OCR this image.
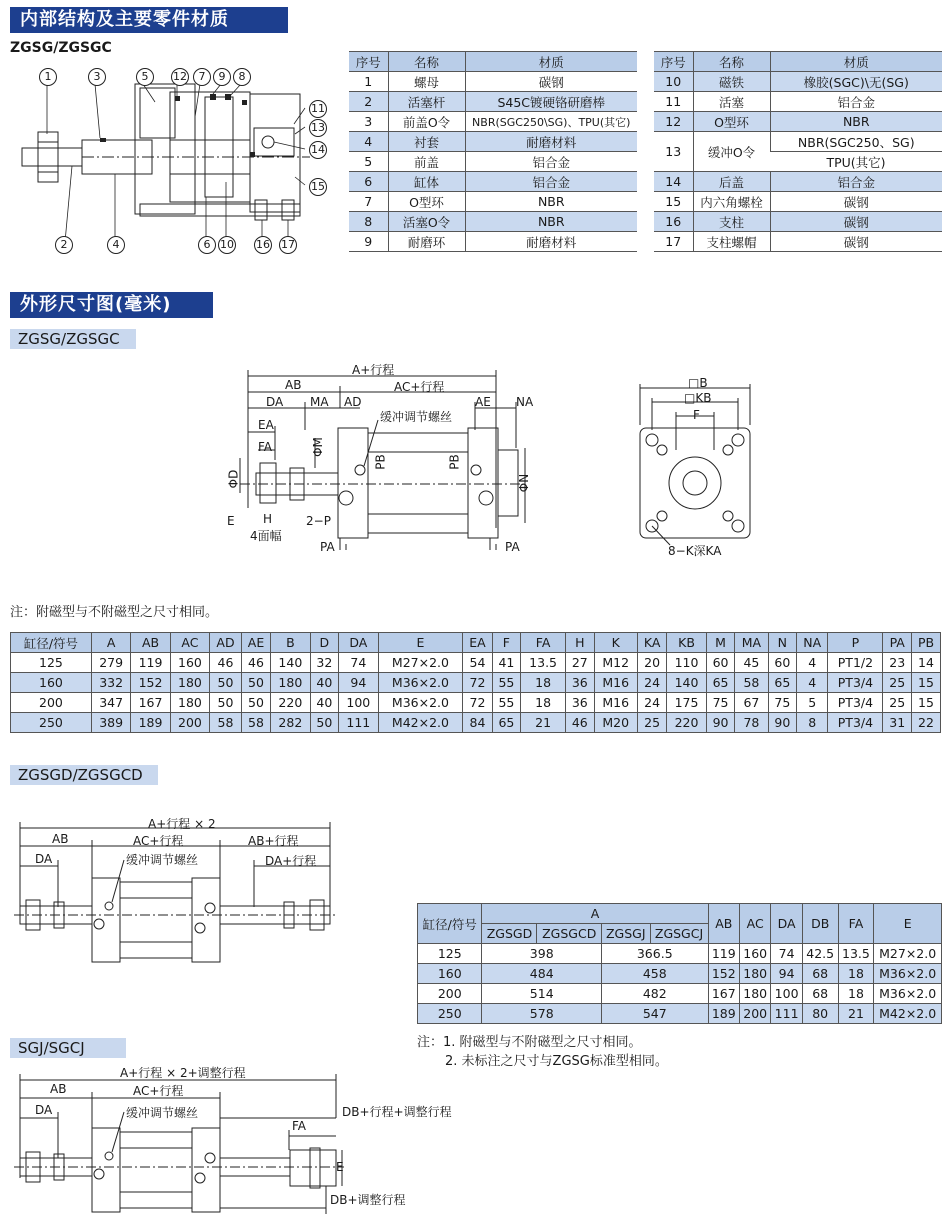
内部结构及主要零件材质
ZGSG/ZGSGC
1
2
3
4
5
6
7	8
9
10
11
12
13
14
15
16 17
序号	名称	材质
1	螺母	碳钢
2	活塞杆	S45C镀硬铬研磨棒
3	前盖O令	NBR(SGC250\SG)、TPU(其它)
4	衬套	耐磨材料
5	前盖	铝合金
6	缸体	铝合金
7	O型环	NBR
8	活塞O令	NBR
9	耐磨环	耐磨材料
序号	名称	材质
10	磁铁	橡胶(SGC)\无(SG)
11	活塞	铝合金
12	O型环	NBR
13	缓冲O令	NBR(SGC250、SG)
		TPU(其它)
14	后盖	铝合金
15	内六角螺栓	碳钢
16	支柱	碳钢
17	支柱螺帽	碳钢
外形尺寸图(毫米)
ZGSG/ZGSGC
A+行程
AB	AC+行程
DA MA AD	AE NA
EA
FA	ΦM
ΦD	ΦN
PB	PB
缓冲调节螺丝
E H
4面幅
2−P
PA	PA
□B
□KB
F
8−K深KA
注：附磁型与不附磁型之尺寸相同。
缸径/符号	A	AB	AC	AD	AE	B	D	DA	E	EA	F	FA	H	K	KA	KB	M	MA	N	NA	P	PA	PB
125	279	119	160	46	46	140	32	74	M27×2.0	54	41	13.5	27	M12	20	110	60	45	60	4	PT1/2	23	14
160	332	152	180	50	50	180	40	94	M36×2.0	72	55	18	36	M16	24	140	65	58	65	4	PT3/4	25	15
200	347	167	180	50	50	220	40	100	M36×2.0	72	55	18	36	M16	24	175	75	67	75	5	PT3/4	25	15
250	389	189	200	58	58	282	50	111	M42×2.0	84	65	21	46	M20	25	220	90	78	90	8	PT3/4	31	22
ZGSGD/ZGSGCD
A+行程 × 2
AB	AC+行程	AB+行程
DA	DA+行程
缓冲调节螺丝
缸径/符号	A				AB	AC	DA	DB	FA	E
	ZGSGD	ZGSGCD	ZGSGJ	ZGSGCJ						
125	398		366.5		119	160	74	42.5	13.5	M27×2.0
160	484		458		152	180	94	68	18	M36×2.0
200	514		482		167	180	100	68	18	M36×2.0
250	578		547		189	200	111	80	21	M42×2.0
注：1. 附磁型与不附磁型之尺寸相同。
2. 未标注之尺寸与ZGSG标准型相同。
SGJ/SGCJ
A+行程 × 2+调整行程
AB	AC+行程
DA	缓冲调节螺丝	DB+行程+调整行程
FA
E
DB+调整行程
